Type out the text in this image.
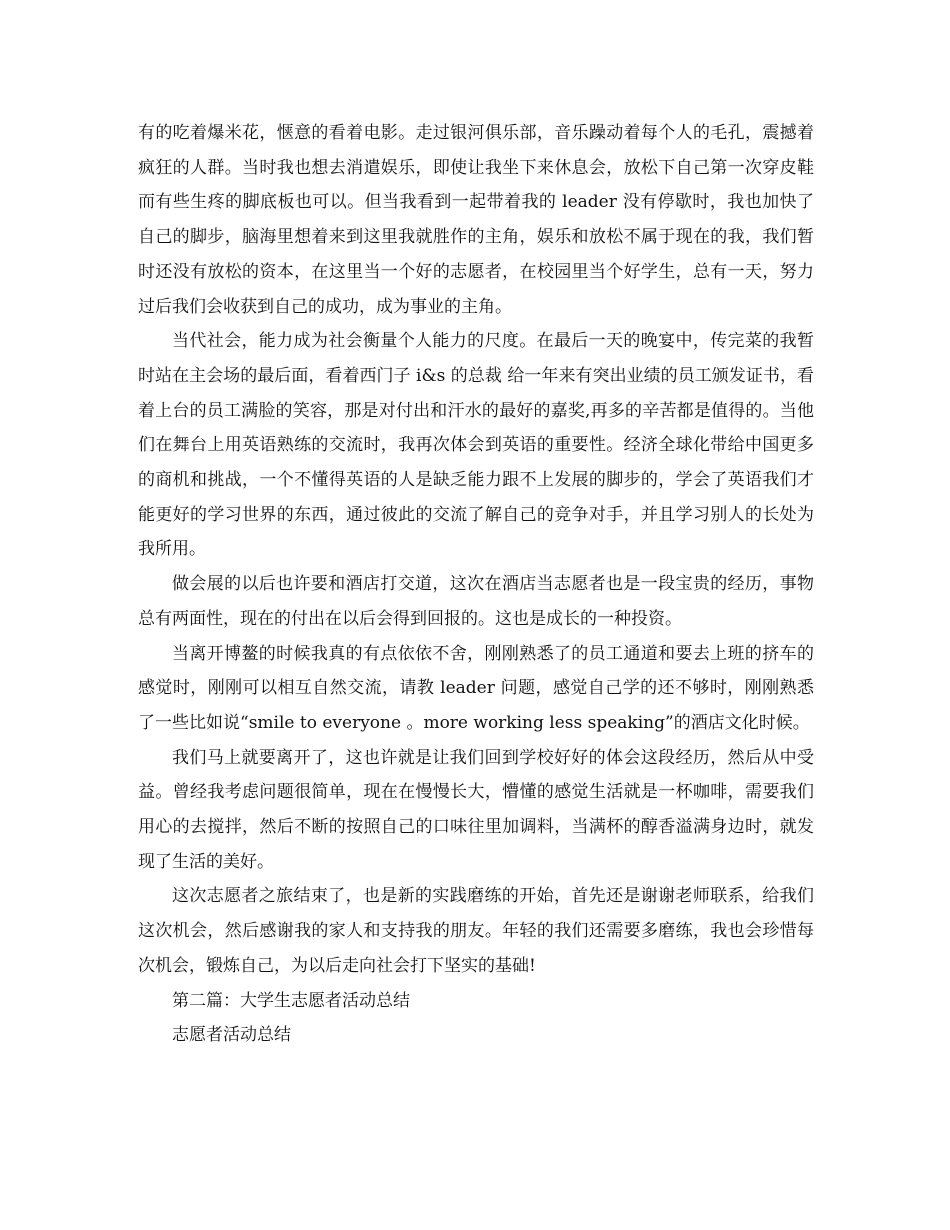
有的吃着爆米花，惬意的看着电影。走过银河俱乐部，音乐躁动着每个人的毛孔，震撼着疯狂的人群。当时我也想去消遣娱乐，即使让我坐下来休息会，放松下自己第一次穿皮鞋而有些生疼的脚底板也可以。但当我看到一起带着我的 leader 没有停歇时，我也加快了自己的脚步，脑海里想着来到这里我就胜作的主角，娱乐和放松不属于现在的我，我们暂时还没有放松的资本，在这里当一个好的志愿者，在校园里当个好学生，总有一天，努力过后我们会收获到自己的成功，成为事业的主角。

当代社会，能力成为社会衡量个人能力的尺度。在最后一天的晚宴中，传完菜的我暂时站在主会场的最后面，看着西门子 i&s 的总裁 给一年来有突出业绩的员工颁发证书，看着上台的员工满脸的笑容，那是对付出和汗水的最好的嘉奖,再多的辛苦都是值得的。当他们在舞台上用英语熟练的交流时，我再次体会到英语的重要性。经济全球化带给中国更多的商机和挑战，一个不懂得英语的人是缺乏能力跟不上发展的脚步的，学会了英语我们才能更好的学习世界的东西，通过彼此的交流了解自己的竞争对手，并且学习别人的长处为我所用。

做会展的以后也许要和酒店打交道，这次在酒店当志愿者也是一段宝贵的经历，事物总有两面性，现在的付出在以后会得到回报的。这也是成长的一种投资。

当离开博鳌的时候我真的有点依依不舍，刚刚熟悉了的员工通道和要去上班的挤车的感觉时，刚刚可以相互自然交流，请教 leader 问题，感觉自己学的还不够时，刚刚熟悉了一些比如说“smile to everyone 。more working less speaking”的酒店文化时候。

我们马上就要离开了，这也许就是让我们回到学校好好的体会这段经历，然后从中受益。曾经我考虑问题很简单，现在在慢慢长大，懵懂的感觉生活就是一杯咖啡，需要我们用心的去搅拌，然后不断的按照自己的口味往里加调料，当满杯的醇香溢满身边时，就发现了生活的美好。

这次志愿者之旅结束了，也是新的实践磨练的开始，首先还是谢谢老师联系，给我们这次机会，然后感谢我的家人和支持我的朋友。年轻的我们还需要多磨练，我也会珍惜每次机会，锻炼自己，为以后走向社会打下坚实的基础!

第二篇：大学生志愿者活动总结

志愿者活动总结
